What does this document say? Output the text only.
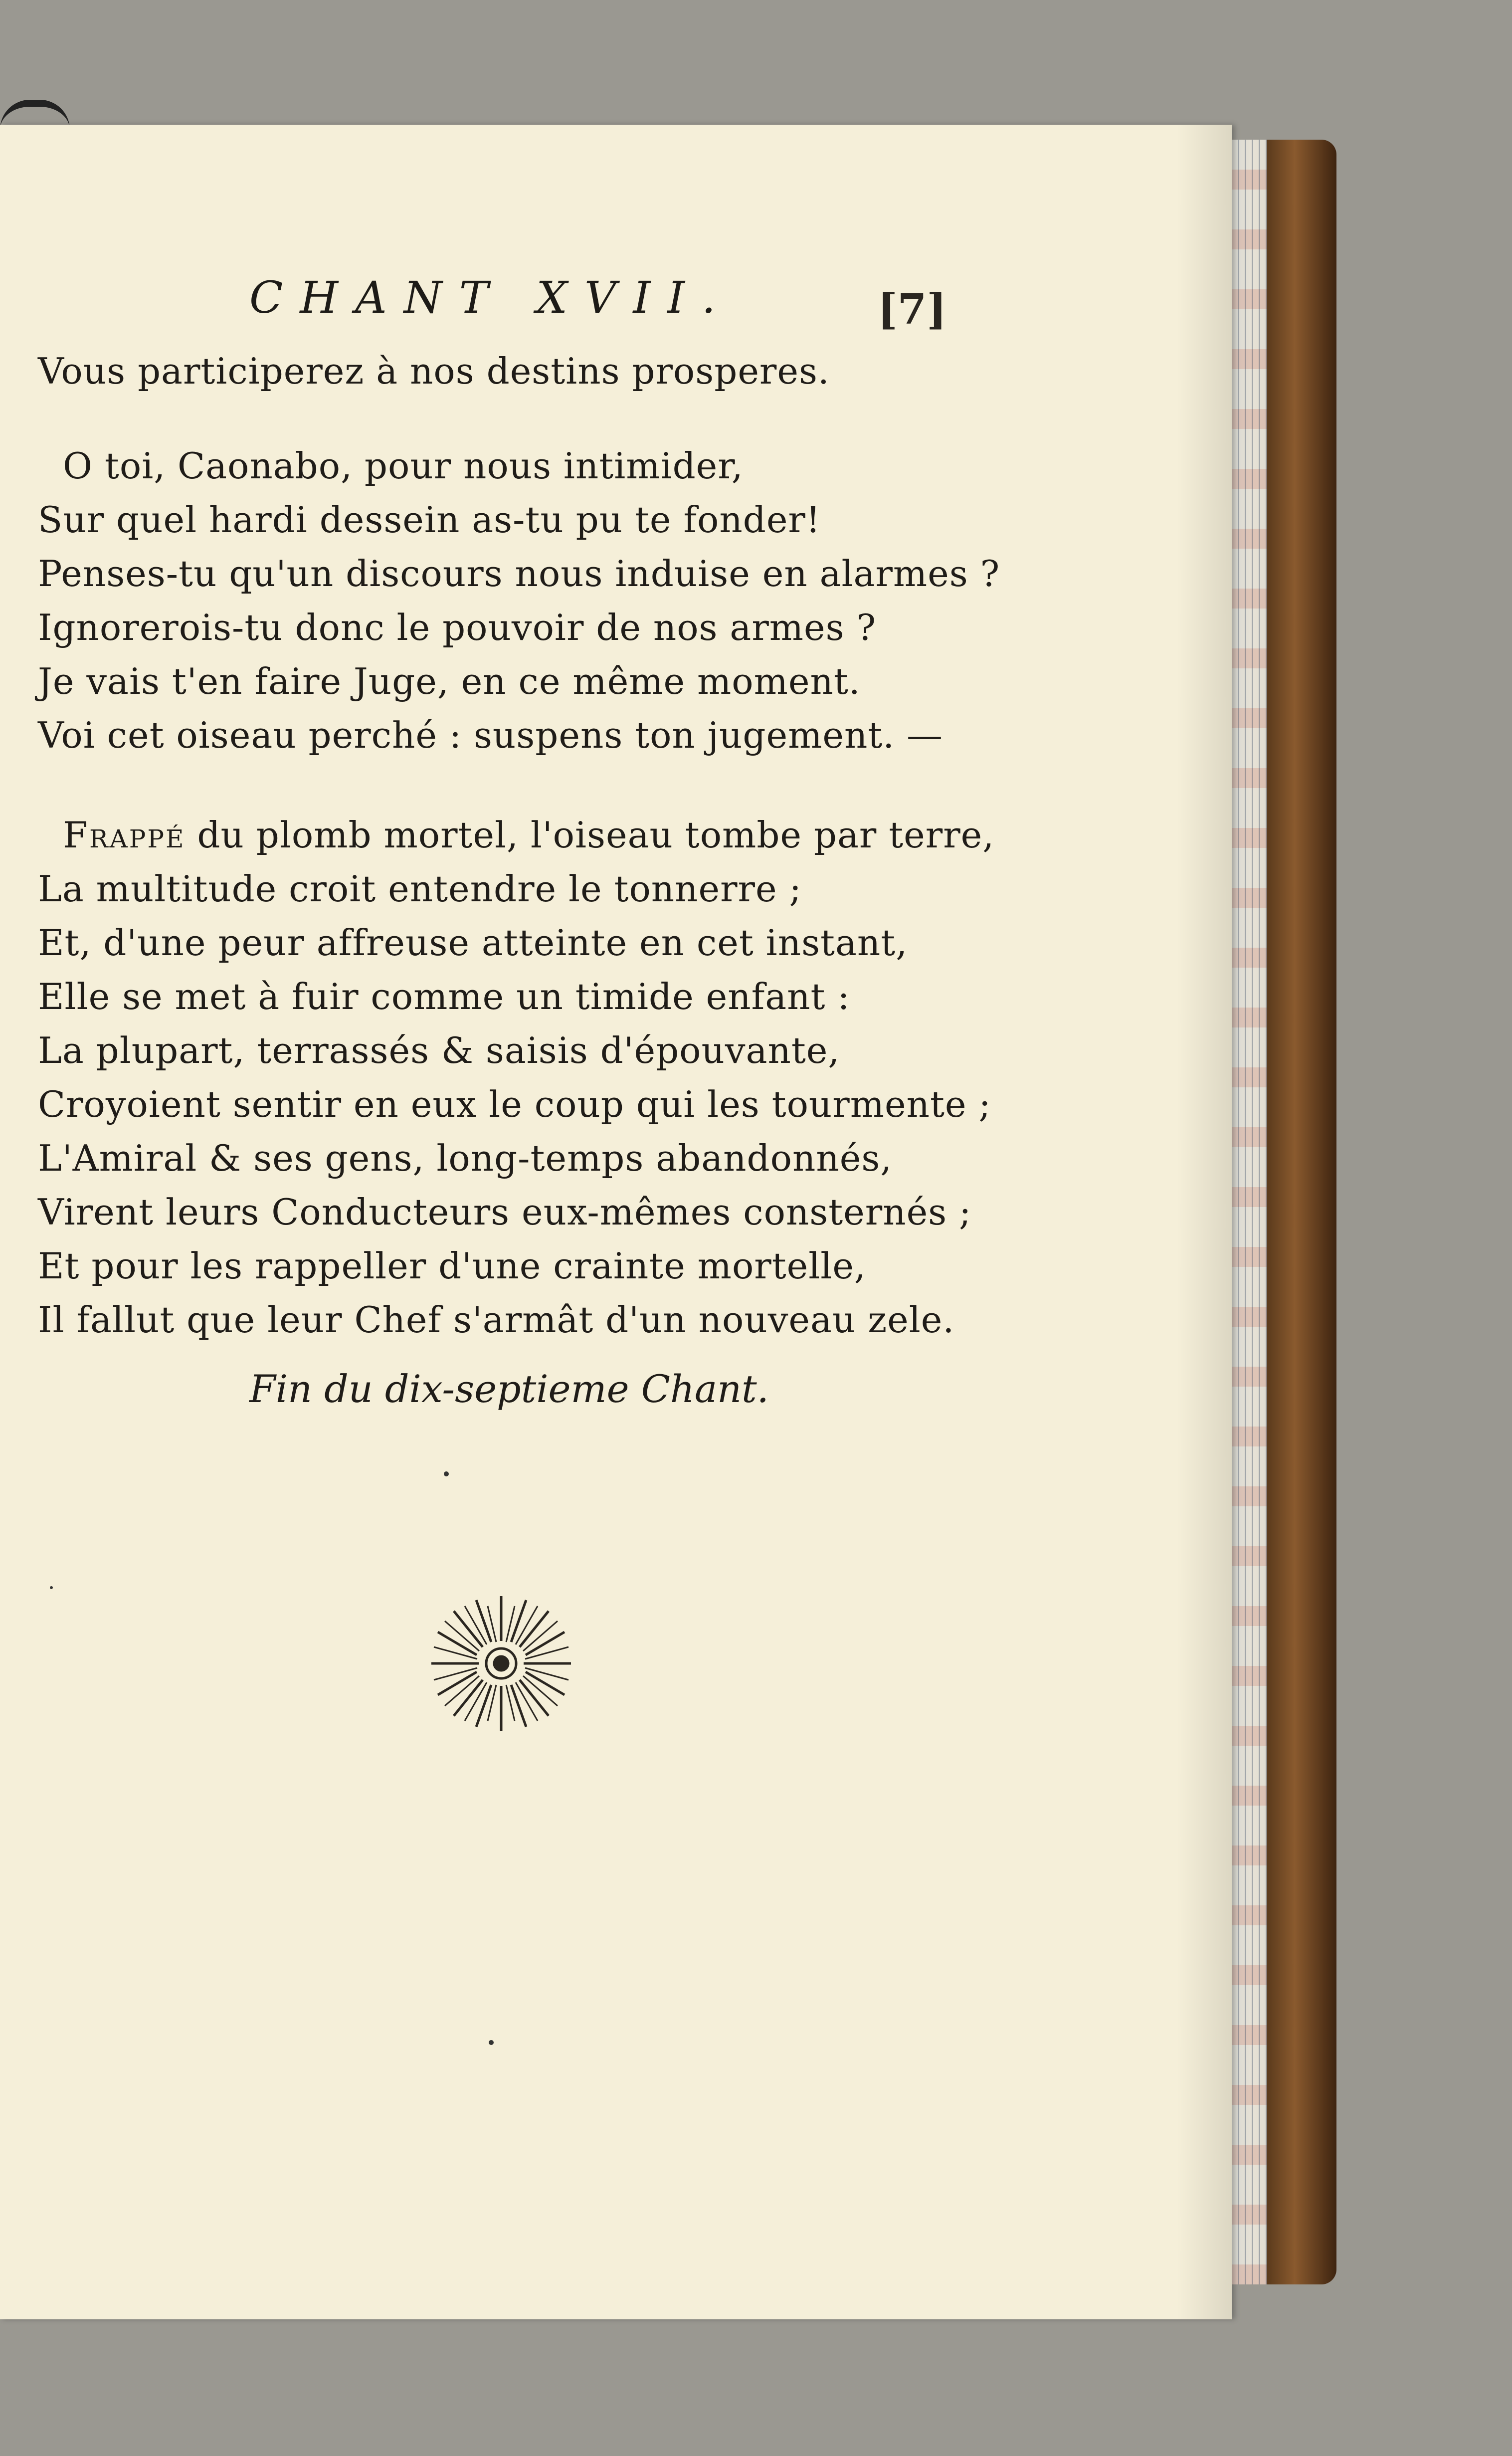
CHANT XVII.	[7]
Vous participerez à nos destins prosperes.
O toi, Caonabo, pour nous intimider,
Sur quel hardi dessein as-tu pu te fonder!
Penses-tu qu'un discours nous induise en alarmes ?
Ignorerois-tu donc le pouvoir de nos armes ?
Je vais t'en faire Juge, en ce même moment.
Voi cet oiseau perché : suspens ton jugement. —
Frappé du plomb mortel, l'oiseau tombe par terre,
La multitude croit entendre le tonnerre ;
Et, d'une peur affreuse atteinte en cet instant,
Elle se met à fuir comme un timide enfant :
La plupart, terrassés & saisis d'épouvante,
Croyoient sentir en eux le coup qui les tourmente ;
L'Amiral & ses gens, long-temps abandonnés,
Virent leurs Conducteurs eux-mêmes consternés ;
Et pour les rappeller d'une crainte mortelle,
Il fallut que leur Chef s'armât d'un nouveau zele.
Fin du dix-septieme Chant.
